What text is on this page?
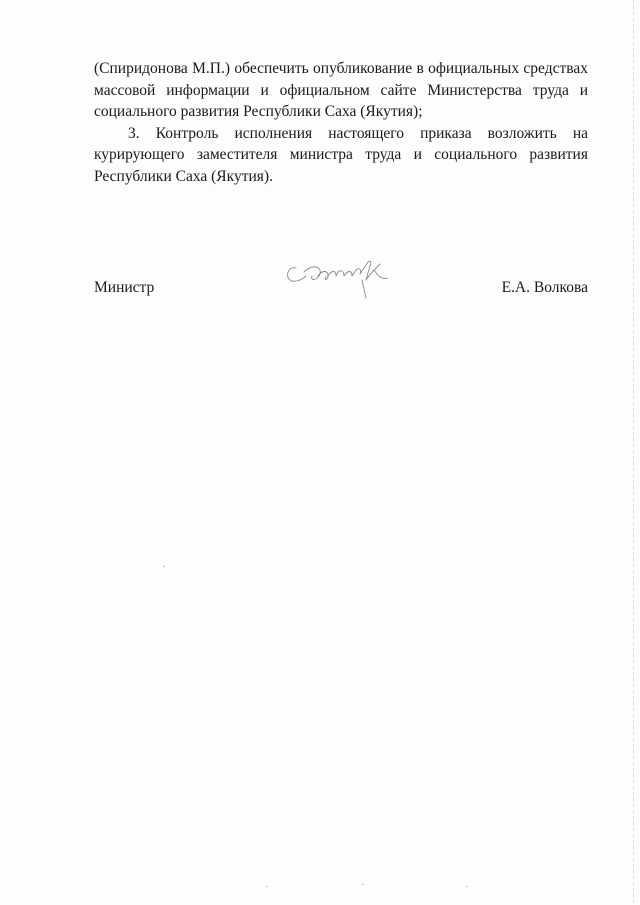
(Спиридонова М.П.) обеспечить опубликование в официальных средствах массовой информации и официальном сайте Министерства труда и социального развития Республики Саха (Якутия);

3. Контроль исполнения настоящего приказа возложить на курирующего заместителя министра труда и социального развития Республики Саха (Якутия).

Министр	Е.А. Волкова
